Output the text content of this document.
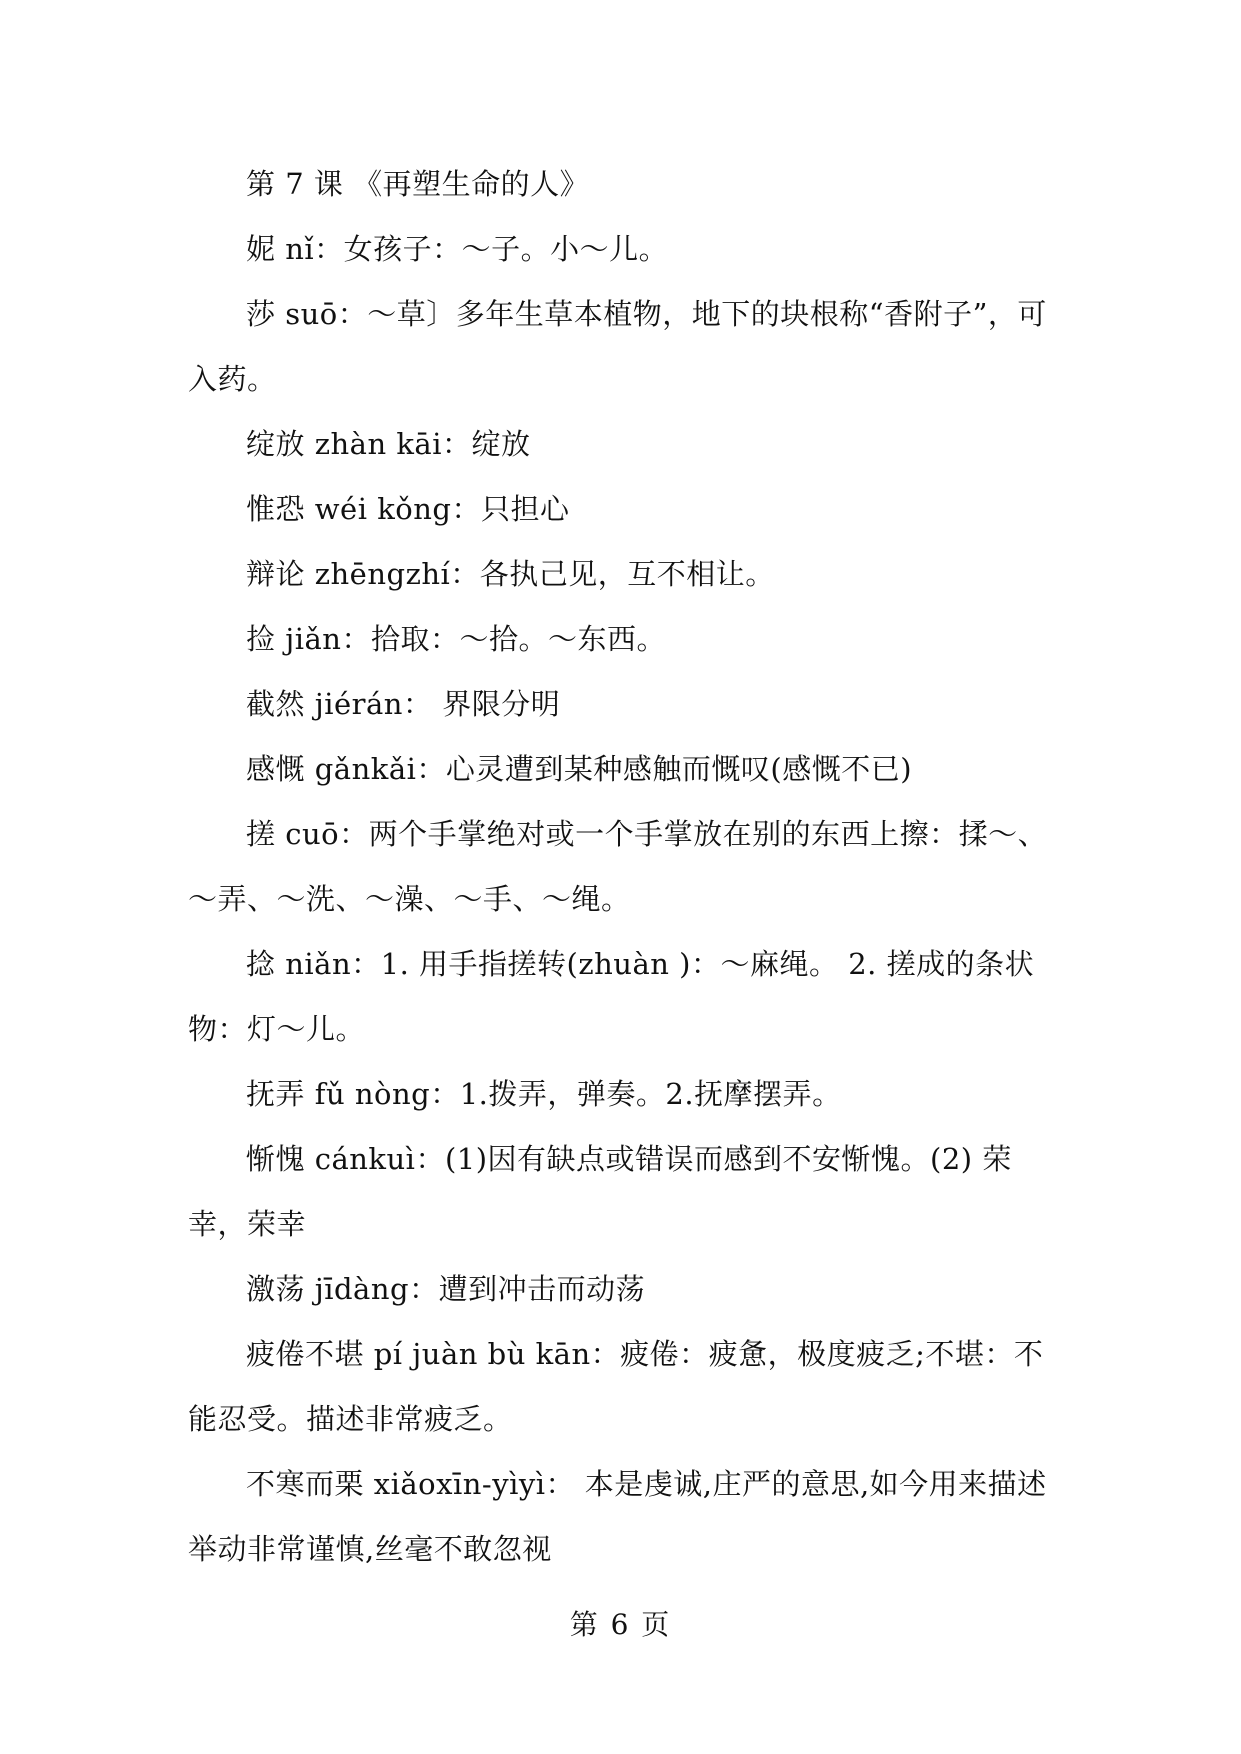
第 7 课 《再塑生命的人》

妮 nǐ：女孩子：～子。小～儿。

莎 suō：～草〕多年生草本植物，地下的块根称“香附子”，可入药。

绽放 zhàn kāi：绽放

惟恐 wéi kǒng：只担心

辩论 zhēngzhí：各执己见，互不相让。

捡 jiǎn：拾取：～拾。～东西。

截然 jiérán： 界限分明

感慨 gǎnkǎi：心灵遭到某种感触而慨叹(感慨不已)

搓 cuō：两个手掌绝对或一个手掌放在别的东西上擦：揉～、～弄、～洗、～澡、～手、～绳。

捻 niǎn：1. 用手指搓转(zhuàn )：～麻绳。 2. 搓成的条状物：灯～儿。

抚弄 fǔ nòng：1.拨弄，弹奏。2.抚摩摆弄。

惭愧 cánkuì：(1)因有缺点或错误而感到不安惭愧。(2) 荣幸，荣幸

激荡 jīdàng：遭到冲击而动荡

疲倦不堪 pí juàn bù kān：疲倦：疲惫，极度疲乏;不堪：不能忍受。描述非常疲乏。

不寒而栗 xiǎoxīn-yìyì： 本是虔诚,庄严的意思,如今用来描述举动非常谨慎,丝毫不敢忽视

第 6 页
